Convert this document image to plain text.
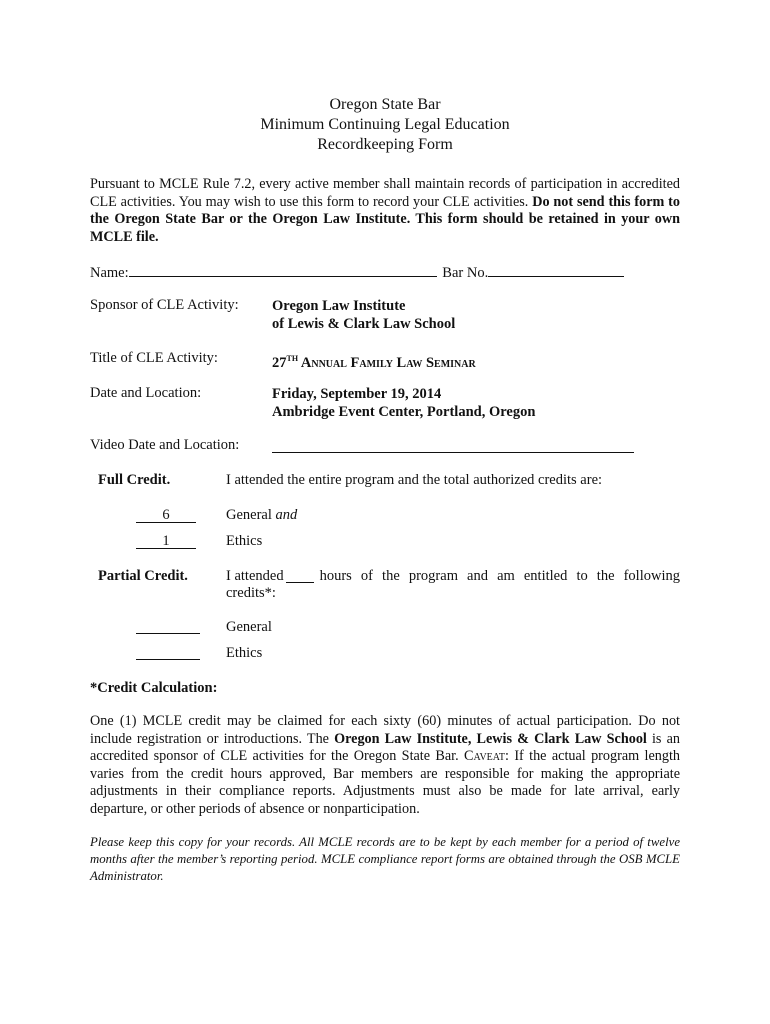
Oregon State Bar
Minimum Continuing Legal Education
Recordkeeping Form
Pursuant to MCLE Rule 7.2, every active member shall maintain records of participation in accredited CLE activities. You may wish to use this form to record your CLE activities. Do not send this form to the Oregon State Bar or the Oregon Law Institute. This form should be retained in your own MCLE file.
Name:	Bar No.
Sponsor of CLE Activity: Oregon Law Institute
of Lewis & Clark Law School
Title of CLE Activity:	27TH Annual Family Law Seminar
Date and Location:	Friday, September 19, 2014
Ambridge Event Center, Portland, Oregon
Video Date and Location:
Full Credit.	I attended the entire program and the total authorized credits are:
6	General and
1	Ethics
Partial Credit.	I attended hours of the program and am entitled to the following
credits*:
General
Ethics
*Credit Calculation:
One (1) MCLE credit may be claimed for each sixty (60) minutes of actual participation. Do not include registration or introductions. The Oregon Law Institute, Lewis & Clark Law School is an accredited sponsor of CLE activities for the Oregon State Bar. Caveat: If the actual program length varies from the credit hours approved, Bar members are responsible for making the appropriate adjustments in their compliance reports. Adjustments must also be made for late arrival, early departure, or other periods of absence or nonparticipation.
Please keep this copy for your records. All MCLE records are to be kept by each member for a period of twelve months after the member’s reporting period. MCLE compliance report forms are obtained through the OSB MCLE Administrator.
